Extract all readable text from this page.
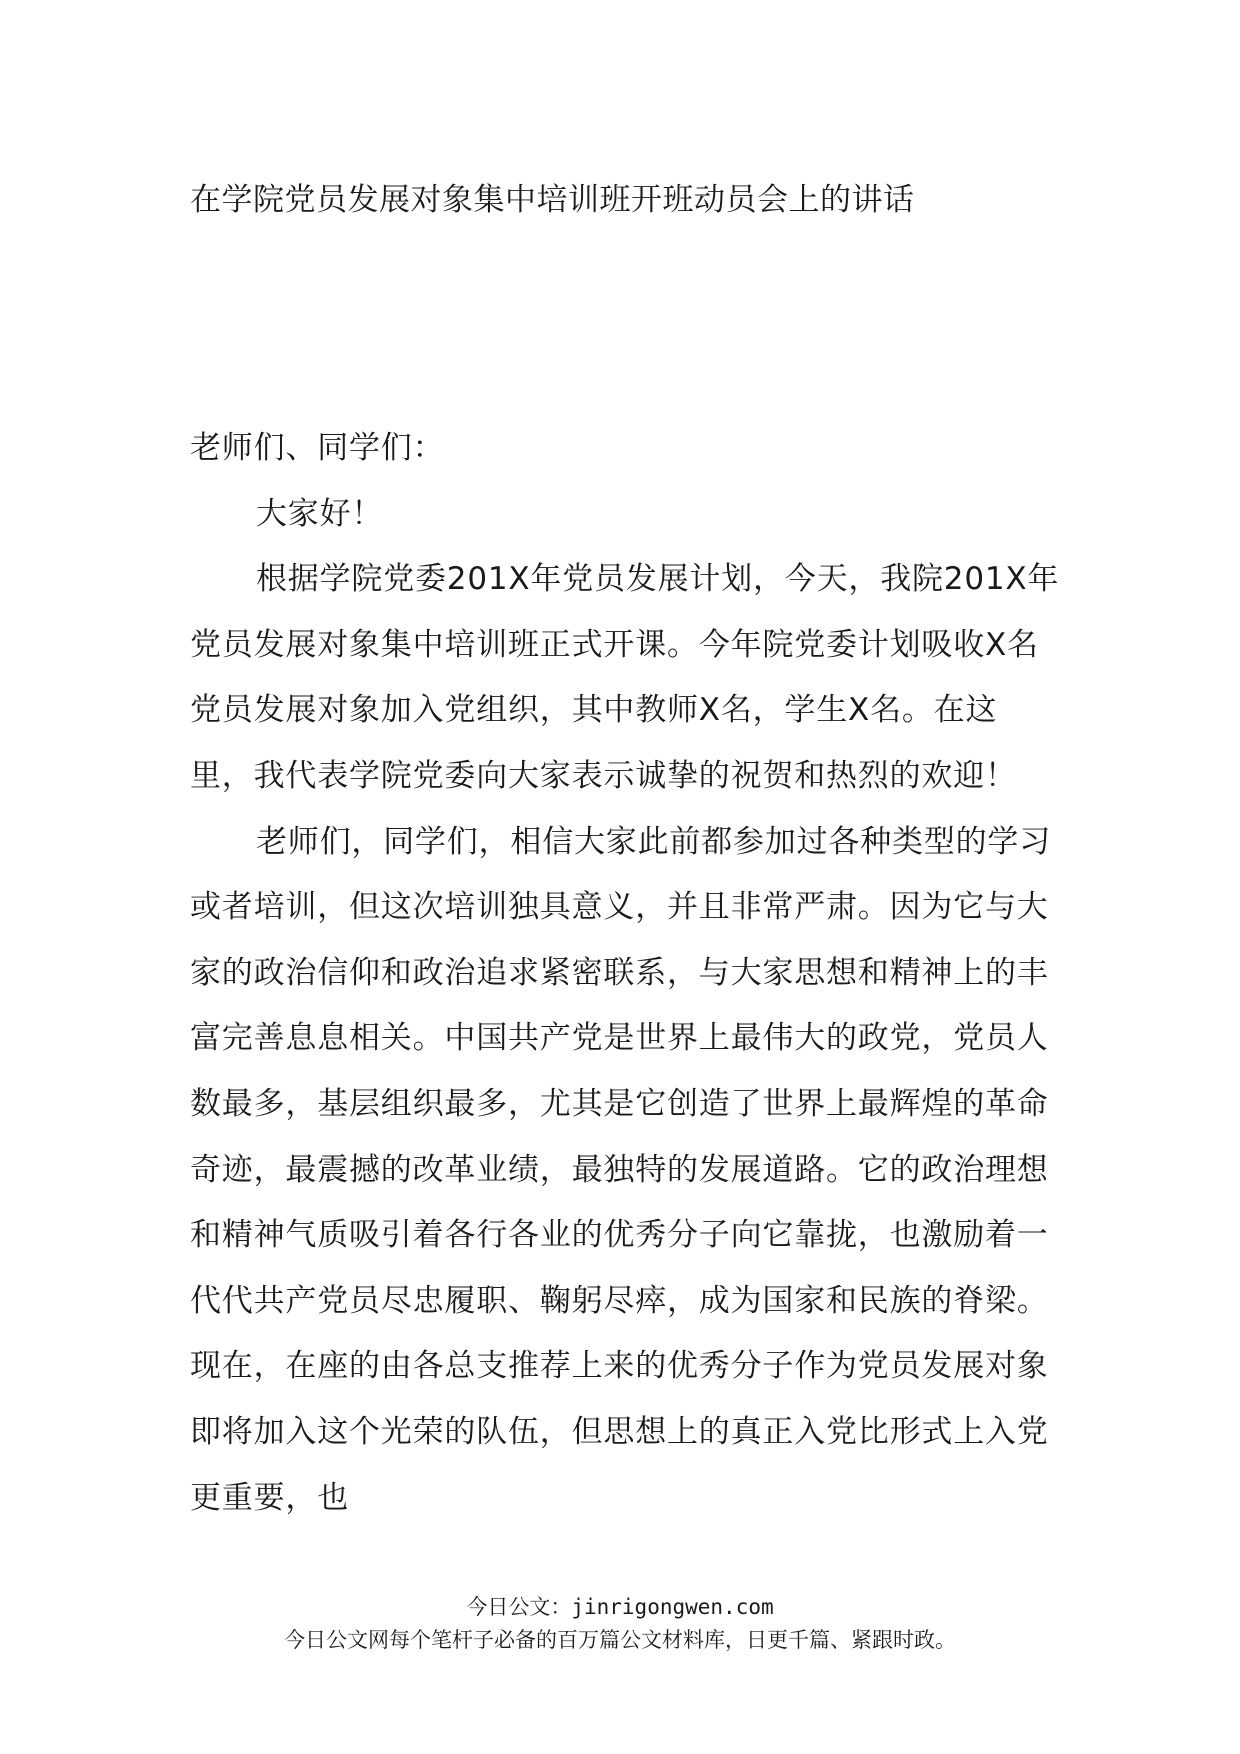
在学院党员发展对象集中培训班开班动员会上的讲话

老师们、同学们：

大家好！

根据学院党委201X年党员发展计划，今天，我院201X年党员发展对象集中培训班正式开课。今年院党委计划吸收X名党员发展对象加入党组织，其中教师X名，学生X名。在这里，我代表学院党委向大家表示诚挚的祝贺和热烈的欢迎！

老师们，同学们，相信大家此前都参加过各种类型的学习或者培训，但这次培训独具意义，并且非常严肃。因为它与大家的政治信仰和政治追求紧密联系，与大家思想和精神上的丰富完善息息相关。中国共产党是世界上最伟大的政党，党员人数最多，基层组织最多，尤其是它创造了世界上最辉煌的革命奇迹，最震撼的改革业绩，最独特的发展道路。它的政治理想和精神气质吸引着各行各业的优秀分子向它靠拢，也激励着一代代共产党员尽忠履职、鞠躬尽瘁，成为国家和民族的脊梁。现在，在座的由各总支推荐上来的优秀分子作为党员发展对象即将加入这个光荣的队伍，但思想上的真正入党比形式上入党更重要，也

今日公文：jinrigongwen.com
今日公文网每个笔杆子必备的百万篇公文材料库，日更千篇、紧跟时政。
